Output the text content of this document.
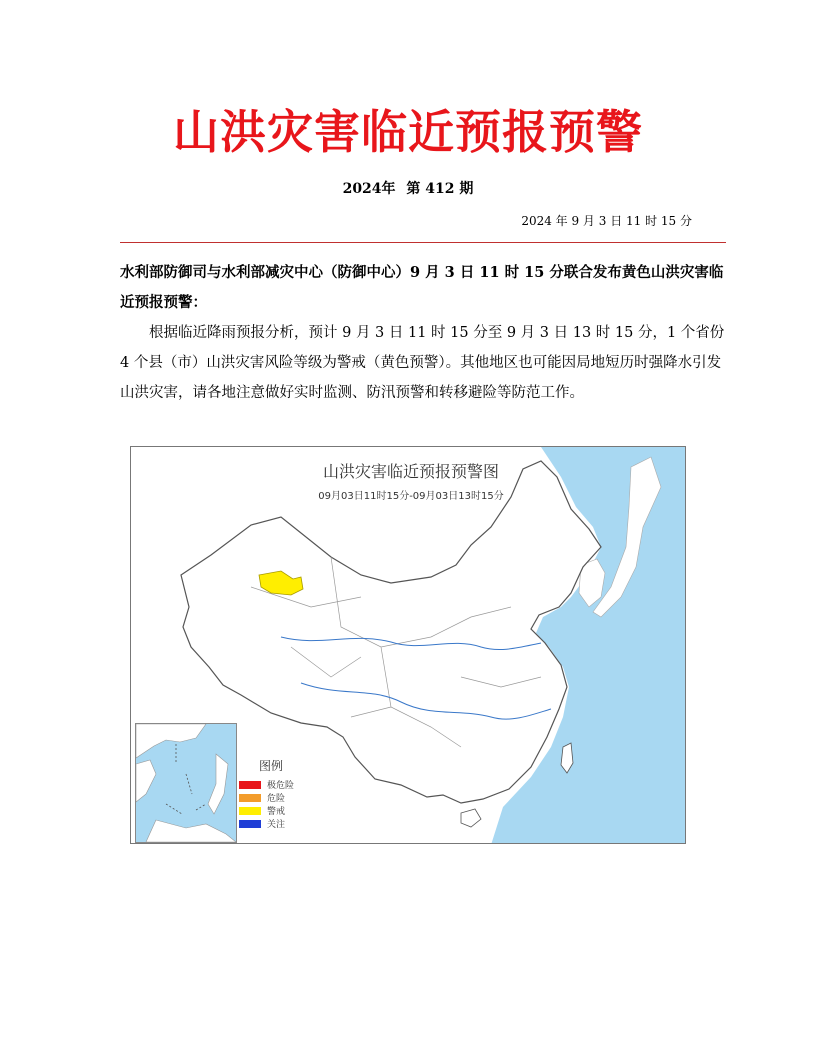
山洪灾害临近预报预警
2024年 第 412 期
2024 年 9 月 3 日 11 时 15 分
水利部防御司与水利部减灾中心（防御中心）9 月 3 日 11 时 15 分联合发布黄色山洪灾害临近预报预警：
根据临近降雨预报分析，预计 9 月 3 日 11 时 15 分至 9 月 3 日 13 时 15 分，1 个省份 4 个县（市）山洪灾害风险等级为警戒（黄色预警）。其他地区也可能因局地短历时强降水引发山洪灾害，请各地注意做好实时监测、防汛预警和转移避险等防范工作。
山洪灾害临近预报预警图
09月03日11时15分-09月03日13时15分
图例
极危险
危险
警戒
关注
